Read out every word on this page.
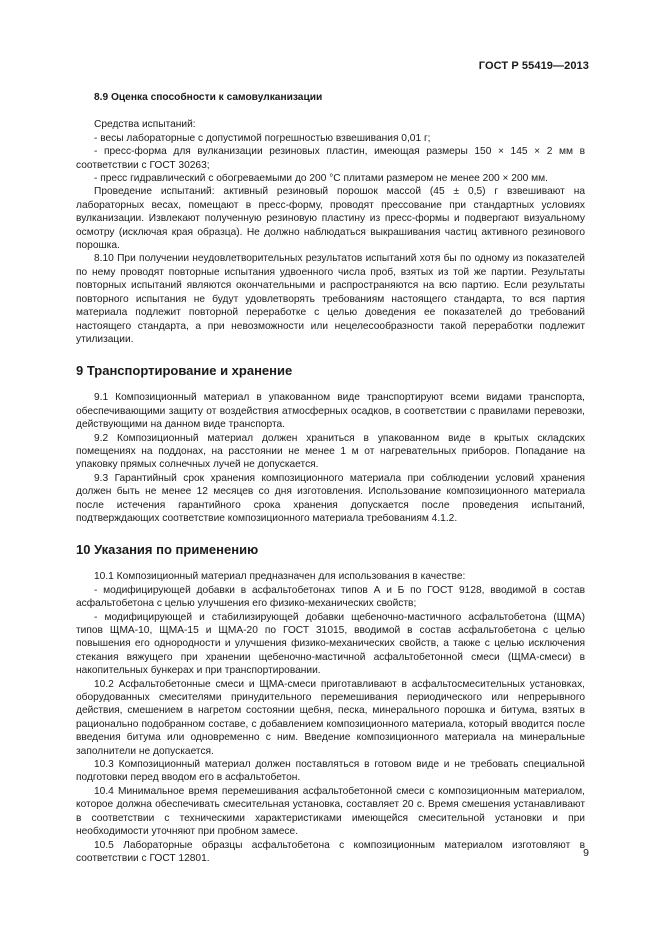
ГОСТ Р 55419—2013

8.9 Оценка способности к самовулканизации

Средства испытаний:

- весы лабораторные с допустимой погрешностью взвешивания 0,01 г;

- пресс-форма для вулканизации резиновых пластин, имеющая размеры 150 × 145 × 2 мм в соответствии с ГОСТ 30263;

- пресс гидравлический с обогреваемыми до 200 °С плитами размером не менее 200 × 200 мм.

Проведение испытаний: активный резиновый порошок массой (45 ± 0,5) г взвешивают на лабораторных весах, помещают в пресс-форму, проводят прессование при стандартных условиях вулканизации. Извлекают полученную резиновую пластину из пресс-формы и подвергают визуальному осмотру (исключая края образца). Не должно наблюдаться выкрашивания частиц активного резинового порошка.

8.10 При получении неудовлетворительных результатов испытаний хотя бы по одному из показателей по нему проводят повторные испытания удвоенного числа проб, взятых из той же партии. Результаты повторных испытаний являются окончательными и распространяются на всю партию. Если результаты повторного испытания не будут удовлетворять требованиям настоящего стандарта, то вся партия материала подлежит повторной переработке с целью доведения ее показателей до требований настоящего стандарта, а при невозможности или нецелесообразности такой переработки подлежит утилизации.

9 Транспортирование и хранение

9.1 Композиционный материал в упакованном виде транспортируют всеми видами транспорта, обеспечивающими защиту от воздействия атмосферных осадков, в соответствии с правилами перевозки, действующими на данном виде транспорта.

9.2 Композиционный материал должен храниться в упакованном виде в крытых складских помещениях на поддонах, на расстоянии не менее 1 м от нагревательных приборов. Попадание на упаковку прямых солнечных лучей не допускается.

9.3 Гарантийный срок хранения композиционного материала при соблюдении условий хранения должен быть не менее 12 месяцев со дня изготовления. Использование композиционного материала после истечения гарантийного срока хранения допускается после проведения испытаний, подтверждающих соответствие композиционного материала требованиям 4.1.2.

10 Указания по применению

10.1 Композиционный материал предназначен для использования в качестве:

- модифицирующей добавки в асфальтобетонах типов А и Б по ГОСТ 9128, вводимой в состав асфальтобетона с целью улучшения его физико-механических свойств;

- модифицирующей и стабилизирующей добавки щебеночно-мастичного асфальтобетона (ЩМА) типов ЩМА-10, ЩМА-15 и ЩМА-20 по ГОСТ 31015, вводимой в состав асфальтобетона с целью повышения его однородности и улучшения физико-механических свойств, а также с целью исключения стекания вяжущего при хранении щебеночно-мастичной асфальтобетонной смеси (ЩМА-смеси) в накопительных бункерах и при транспортировании.

10.2 Асфальтобетонные смеси и ЩМА-смеси приготавливают в асфальтосмесительных установках, оборудованных смесителями принудительного перемешивания периодического или непрерывного действия, смешением в нагретом состоянии щебня, песка, минерального порошка и битума, взятых в рационально подобранном составе, с добавлением композиционного материала, который вводится после введения битума или одновременно с ним. Введение композиционного материала на минеральные заполнители не допускается.

10.3 Композиционный материал должен поставляться в готовом виде и не требовать специальной подготовки перед вводом его в асфальтобетон.

10.4 Минимальное время перемешивания асфальтобетонной смеси с композиционным материалом, которое должна обеспечивать смесительная установка, составляет 20 с. Время смешения устанавливают в соответствии с техническими характеристиками имеющейся смесительной установки и при необходимости уточняют при пробном замесе.

10.5 Лабораторные образцы асфальтобетона с композиционным материалом изготовляют в соответствии с ГОСТ 12801.	9
